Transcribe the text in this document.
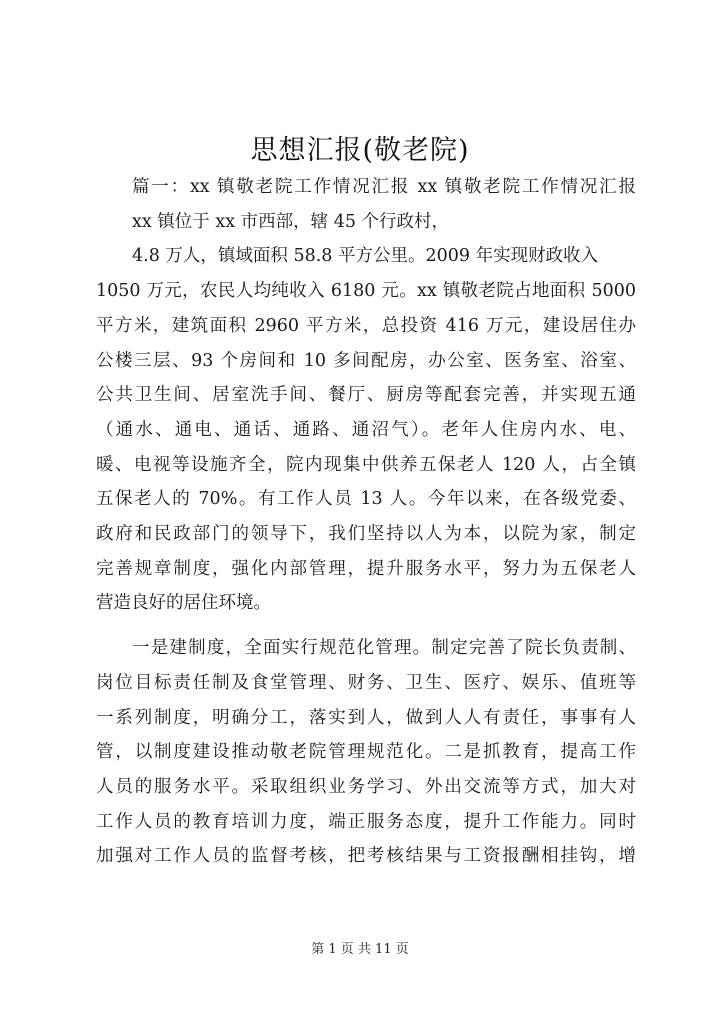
思想汇报(敬老院)
篇一：xx 镇敬老院工作情况汇报 xx 镇敬老院工作情况汇报
xx 镇位于 xx 市西部，辖 45 个行政村，
4.8 万人，镇域面积 58.8 平方公里。2009 年实现财政收入
1050 万元，农民人均纯收入 6180 元。xx 镇敬老院占地面积 5000
平方米，建筑面积 2960 平方米，总投资 416 万元，建设居住办
公楼三层、93 个房间和 10 多间配房，办公室、医务室、浴室、
公共卫生间、居室洗手间、餐厅、厨房等配套完善，并实现五通
（通水、通电、通话、通路、通沼气）。老年人住房内水、电、
暖、电视等设施齐全，院内现集中供养五保老人 120 人，占全镇
五保老人的 70%。有工作人员 13 人。今年以来，在各级党委、
政府和民政部门的领导下，我们坚持以人为本，以院为家，制定
完善规章制度，强化内部管理，提升服务水平，努力为五保老人
营造良好的居住环境。
一是建制度，全面实行规范化管理。制定完善了院长负责制、
岗位目标责任制及食堂管理、财务、卫生、医疗、娱乐、值班等
一系列制度，明确分工，落实到人，做到人人有责任，事事有人
管，以制度建设推动敬老院管理规范化。二是抓教育，提高工作
人员的服务水平。采取组织业务学习、外出交流等方式，加大对
工作人员的教育培训力度，端正服务态度，提升工作能力。同时
加强对工作人员的监督考核，把考核结果与工资报酬相挂钩，增
第 1 页 共 11 页
